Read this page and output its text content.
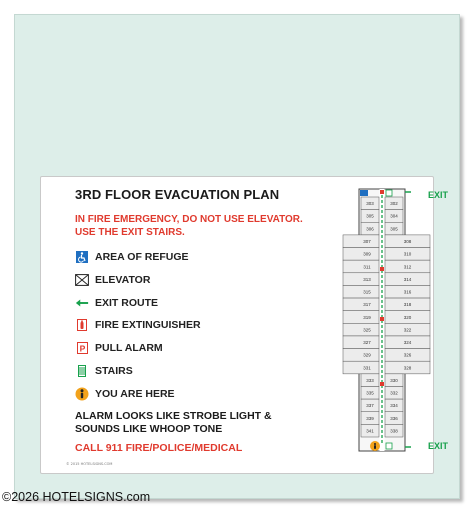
3RD FLOOR EVACUATION PLAN
IN FIRE EMERGENCY, DO NOT USE ELEVATOR. USE THE EXIT STAIRS.
AREA OF REFUGE
ELEVATOR
EXIT ROUTE
FIRE EXTINGUISHER
P PULL ALARM
STAIRS
YOU ARE HERE
ALARM LOOKS LIKE STROBE LIGHT & SOUNDS LIKE WHOOP TONE
CALL 911 FIRE/POLICE/MEDICAL
© 2015 HOTELSIGNS.COM
303	302
305	304
306	305
307	308
309	310
311	312
313	314
315	316
317	318
319	320
325	322
327	324
329	326
331	328
333	330
335	332
337	334
339	336
341	338
EXIT
EXIT
©2026 HOTELSIGNS.com
